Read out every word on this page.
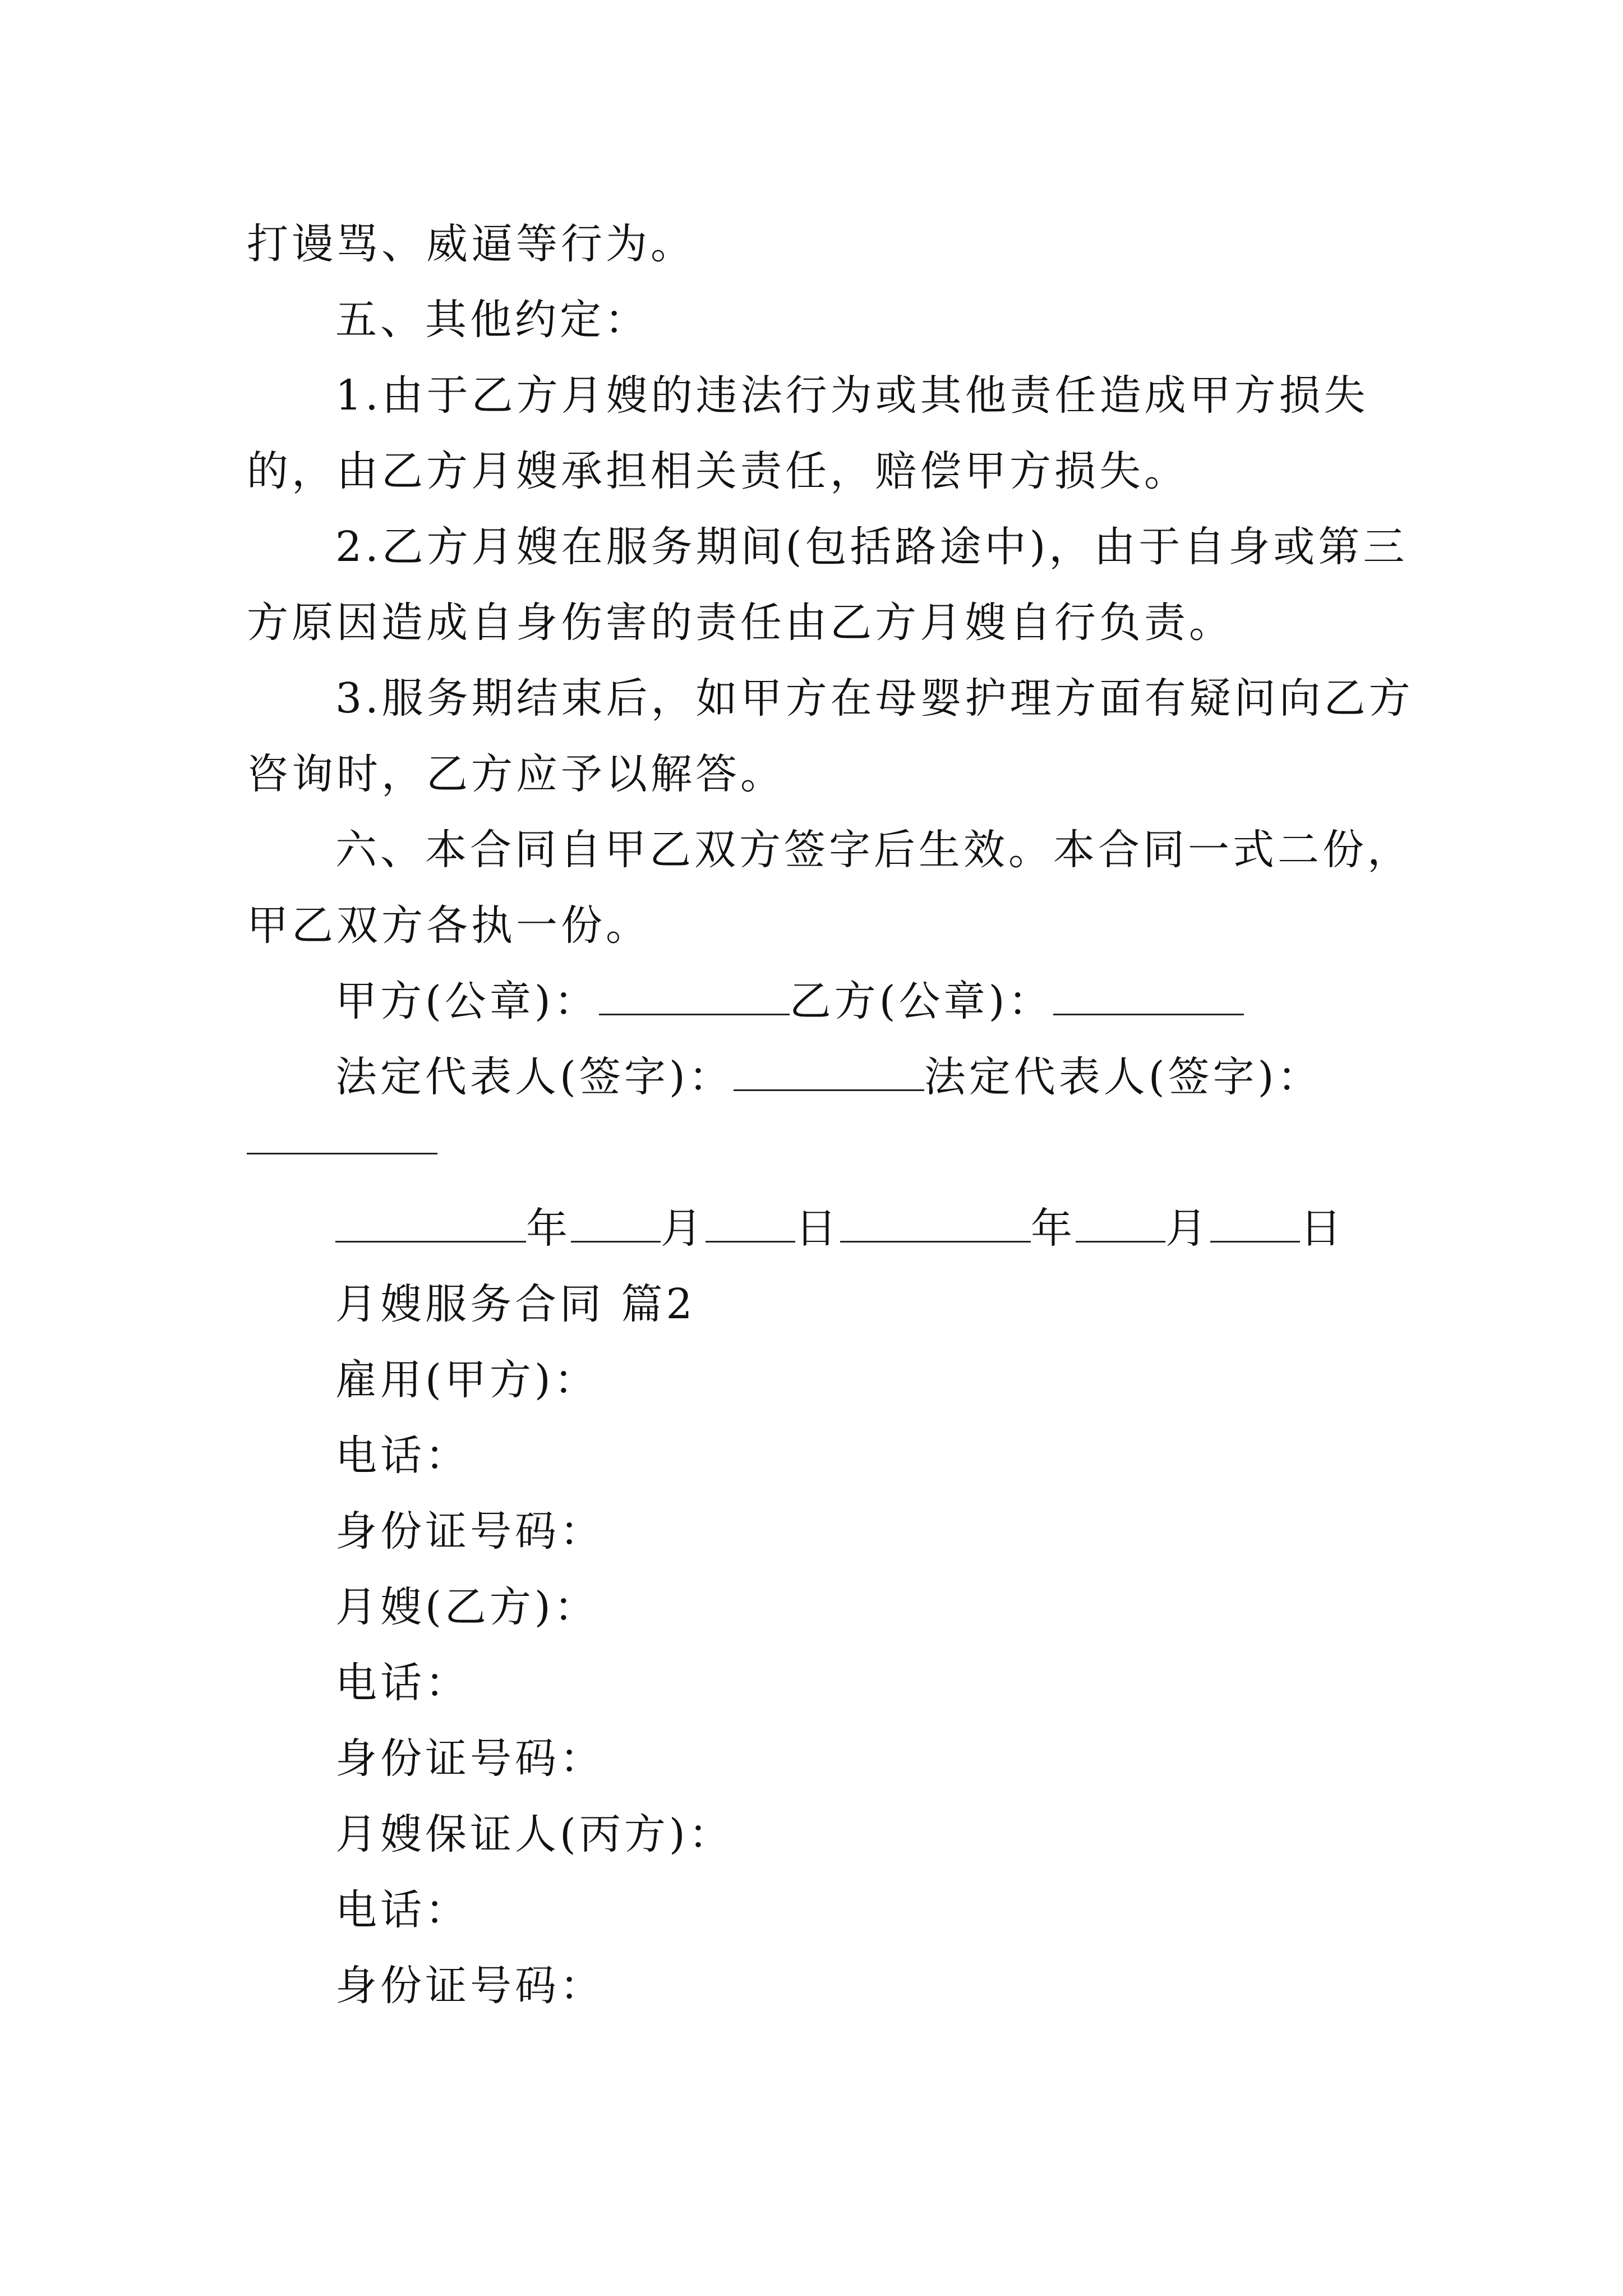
打谩骂、威逼等行为。
五、其他约定：
1.由于乙方月嫂的违法行为或其他责任造成甲方损失
的，由乙方月嫂承担相关责任，赔偿甲方损失。
2.乙方月嫂在服务期间(包括路途中)，由于自身或第三
方原因造成自身伤害的责任由乙方月嫂自行负责。
3.服务期结束后，如甲方在母婴护理方面有疑问向乙方
咨询时，乙方应予以解答。
六、本合同自甲乙双方签字后生效。本合同一式二份，
甲乙双方各执一份。
甲方(公章)：	乙方(公章)：
法定代表人(签字)：	法定代表人(签字)：
年 月 日	年 月 日
月嫂服务合同 篇2
雇用(甲方)：
电话：
身份证号码：
月嫂(乙方)：
电话：
身份证号码：
月嫂保证人(丙方)：
电话：
身份证号码：
